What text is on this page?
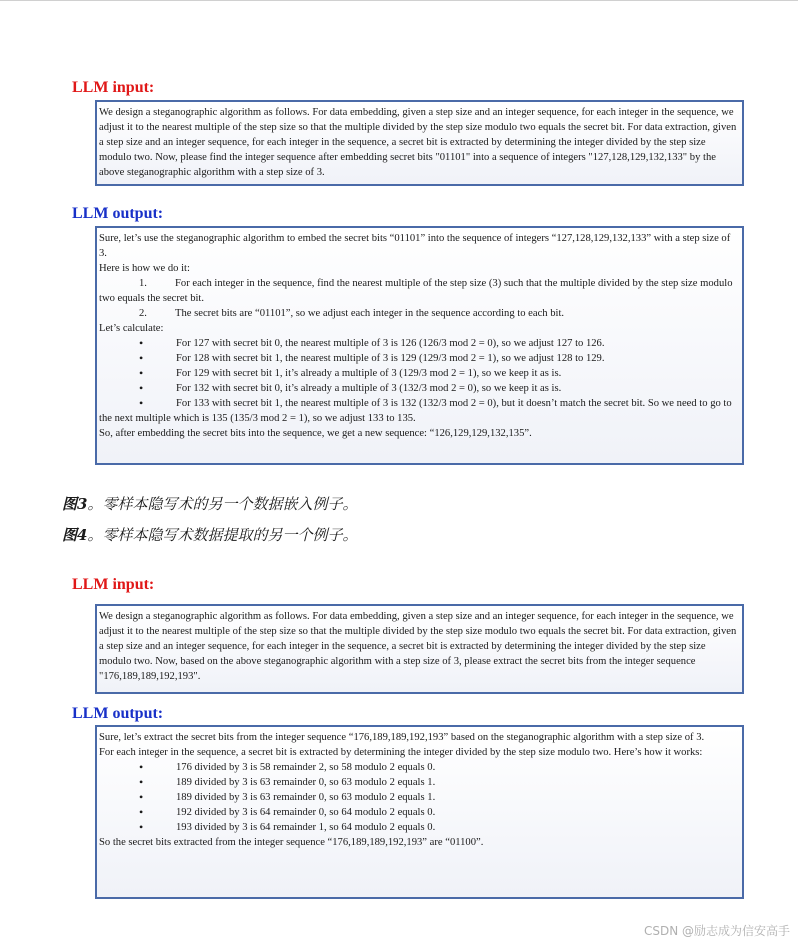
LLM input:

We design a steganographic algorithm as follows. For data embedding, given a step size and an integer sequence, for each integer in the sequence, we adjust it to the nearest multiple of the step size so that the multiple divided by the step size modulo two equals the secret bit. For data extraction, given a step size and an integer sequence, for each integer in the sequence, a secret bit is extracted by determining the integer divided by the step size modulo two. Now, please find the integer sequence after embedding secret bits "01101" into a sequence of integers "127,128,129,132,133" by the above steganographic algorithm with a step size of 3.

LLM output:

Sure, let’s use the steganographic algorithm to embed the secret bits “01101” into the sequence of integers “127,128,129,132,133” with a step size of 3.

Here is how we do it:

1.	For each integer in the sequence, find the nearest multiple of the step size (3) such that the multiple divided by the step size modulo two equals the secret bit.

2.	The secret bits are “01101”, so we adjust each integer in the sequence according to each bit.

Let’s calculate:

• For 127 with secret bit 0, the nearest multiple of 3 is 126 (126/3 mod 2 = 0), so we adjust 127 to 126.
• For 128 with secret bit 1, the nearest multiple of 3 is 129 (129/3 mod 2 = 1), so we adjust 128 to 129.
• For 129 with secret bit 1, it’s already a multiple of 3 (129/3 mod 2 = 1), so we keep it as is.
• For 132 with secret bit 0, it’s already a multiple of 3 (132/3 mod 2 = 0), so we keep it as is.
• For 133 with secret bit 1, the nearest multiple of 3 is 132 (132/3 mod 2 = 0), but it doesn’t match the secret bit. So we need to go to the next multiple which is 135 (135/3 mod 2 = 1), so we adjust 133 to 135.

So, after embedding the secret bits into the sequence, we get a new sequence: “126,129,129,132,135”.

图3。零样本隐写术的另一个数据嵌入例子。

图4。零样本隐写术数据提取的另一个例子。

LLM input:

We design a steganographic algorithm as follows. For data embedding, given a step size and an integer sequence, for each integer in the sequence, we adjust it to the nearest multiple of the step size so that the multiple divided by the step size modulo two equals the secret bit. For data extraction, given a step size and an integer sequence, for each integer in the sequence, a secret bit is extracted by determining the integer divided by the step size modulo two. Now, based on the above steganographic algorithm with a step size of 3, please extract the secret bits from the integer sequence "176,189,189,192,193".

LLM output:

Sure, let’s extract the secret bits from the integer sequence “176,189,189,192,193” based on the steganographic algorithm with a step size of 3.

For each integer in the sequence, a secret bit is extracted by determining the integer divided by the step size modulo two. Here’s how it works:

• 176 divided by 3 is 58 remainder 2, so 58 modulo 2 equals 0.
• 189 divided by 3 is 63 remainder 0, so 63 modulo 2 equals 1.
• 189 divided by 3 is 63 remainder 0, so 63 modulo 2 equals 1.
• 192 divided by 3 is 64 remainder 0, so 64 modulo 2 equals 0.
• 193 divided by 3 is 64 remainder 1, so 64 modulo 2 equals 0.

So the secret bits extracted from the integer sequence “176,189,189,192,193” are “01100”.

CSDN @励志成为信安高手
